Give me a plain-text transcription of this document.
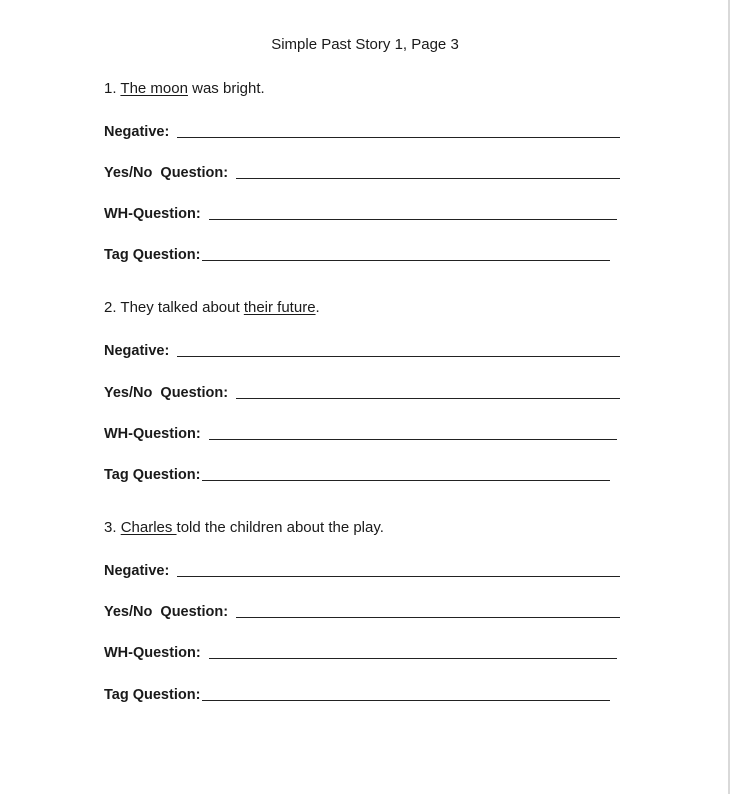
Simple Past Story 1, Page 3
1. The moon was bright.
Negative:
Yes/No  Question:
WH-Question:
Tag Question:
2. They talked about their future.
Negative:
Yes/No  Question:
WH-Question:
Tag Question:
3. Charles told the children about the play.
Negative:
Yes/No  Question:
WH-Question:
Tag Question:
